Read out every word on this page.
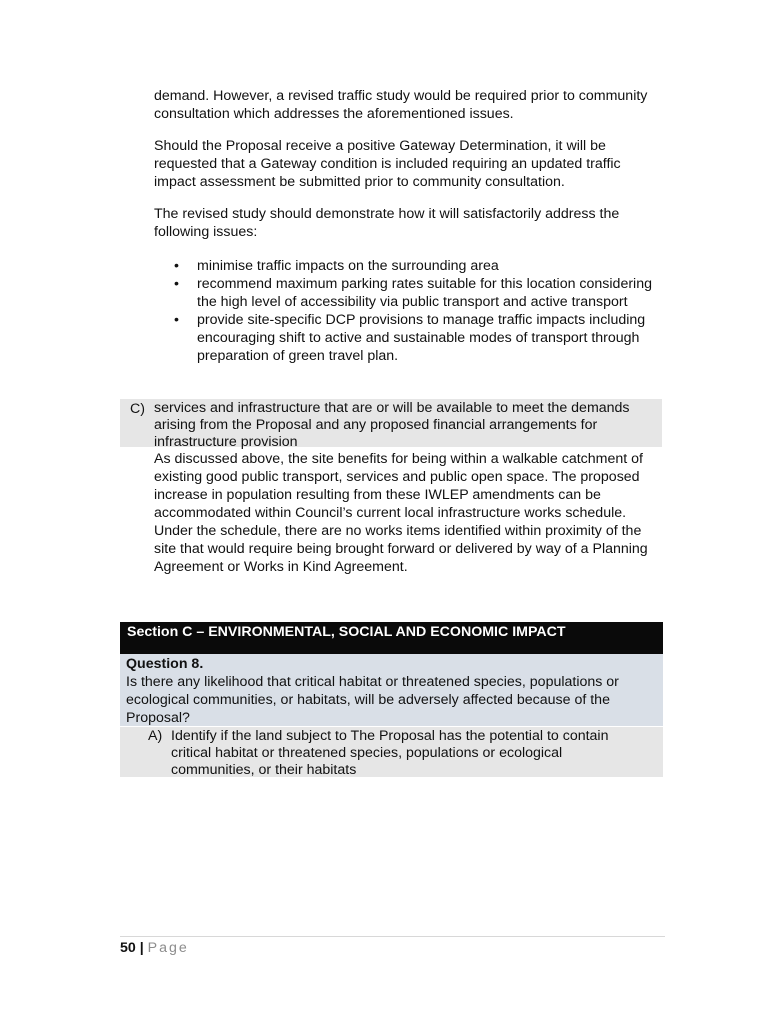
demand. However, a revised traffic study would be required prior to community consultation which addresses the aforementioned issues.

Should the Proposal receive a positive Gateway Determination, it will be requested that a Gateway condition is included requiring an updated traffic impact assessment be submitted prior to community consultation.

The revised study should demonstrate how it will satisfactorily address the following issues:

• minimise traffic impacts on the surrounding area
• recommend maximum parking rates suitable for this location considering the high level of accessibility via public transport and active transport
• provide site-specific DCP provisions to manage traffic impacts including encouraging shift to active and sustainable modes of transport through preparation of green travel plan.
C) services and infrastructure that are or will be available to meet the demands arising from the Proposal and any proposed financial arrangements for infrastructure provision

As discussed above, the site benefits for being within a walkable catchment of existing good public transport, services and public open space. The proposed increase in population resulting from these IWLEP amendments can be accommodated within Council’s current local infrastructure works schedule. Under the schedule, there are no works items identified within proximity of the site that would require being brought forward or delivered by way of a Planning Agreement or Works in Kind Agreement.

Section C – ENVIRONMENTAL, SOCIAL AND ECONOMIC IMPACT
Question 8.
Is there any likelihood that critical habitat or threatened species, populations or ecological communities, or habitats, will be adversely affected because of the Proposal?
A) Identify if the land subject to The Proposal has the potential to contain critical habitat or threatened species, populations or ecological communities, or their habitats
50 | Page
